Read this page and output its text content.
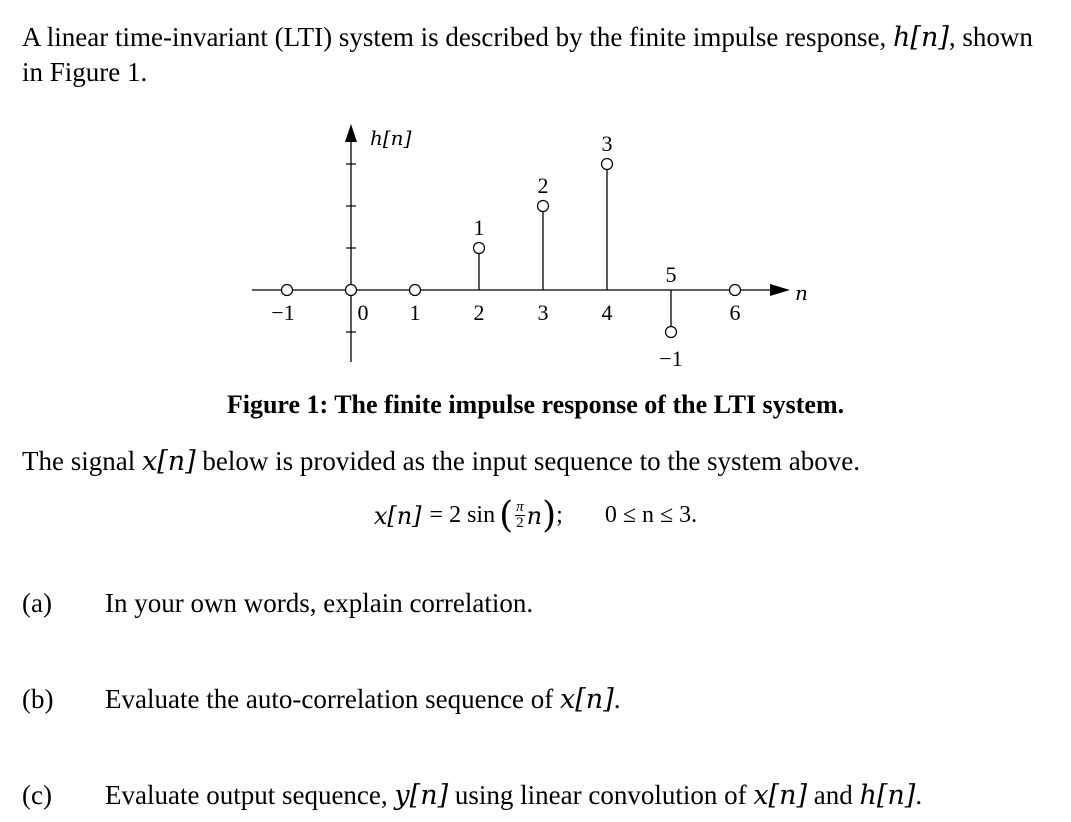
A linear time-invariant (LTI) system is described by the finite impulse response, h[n], shown
in Figure 1.
−1	0 1 2 3 4
5
6
1
2
3
−1
h[n]
n
Figure 1: The finite impulse response of the LTI system.
The signal x[n] below is provided as the input sequence to the system above.
x[n] = 2 sin ( $\frac{\pi}{2}$ n ) ; 0 ≤ n ≤ 3.
(a) In your own words, explain correlation.
(b) Evaluate the auto-correlation sequence of x[n].
(c) Evaluate output sequence, y[n] using linear convolution of x[n] and h[n].
